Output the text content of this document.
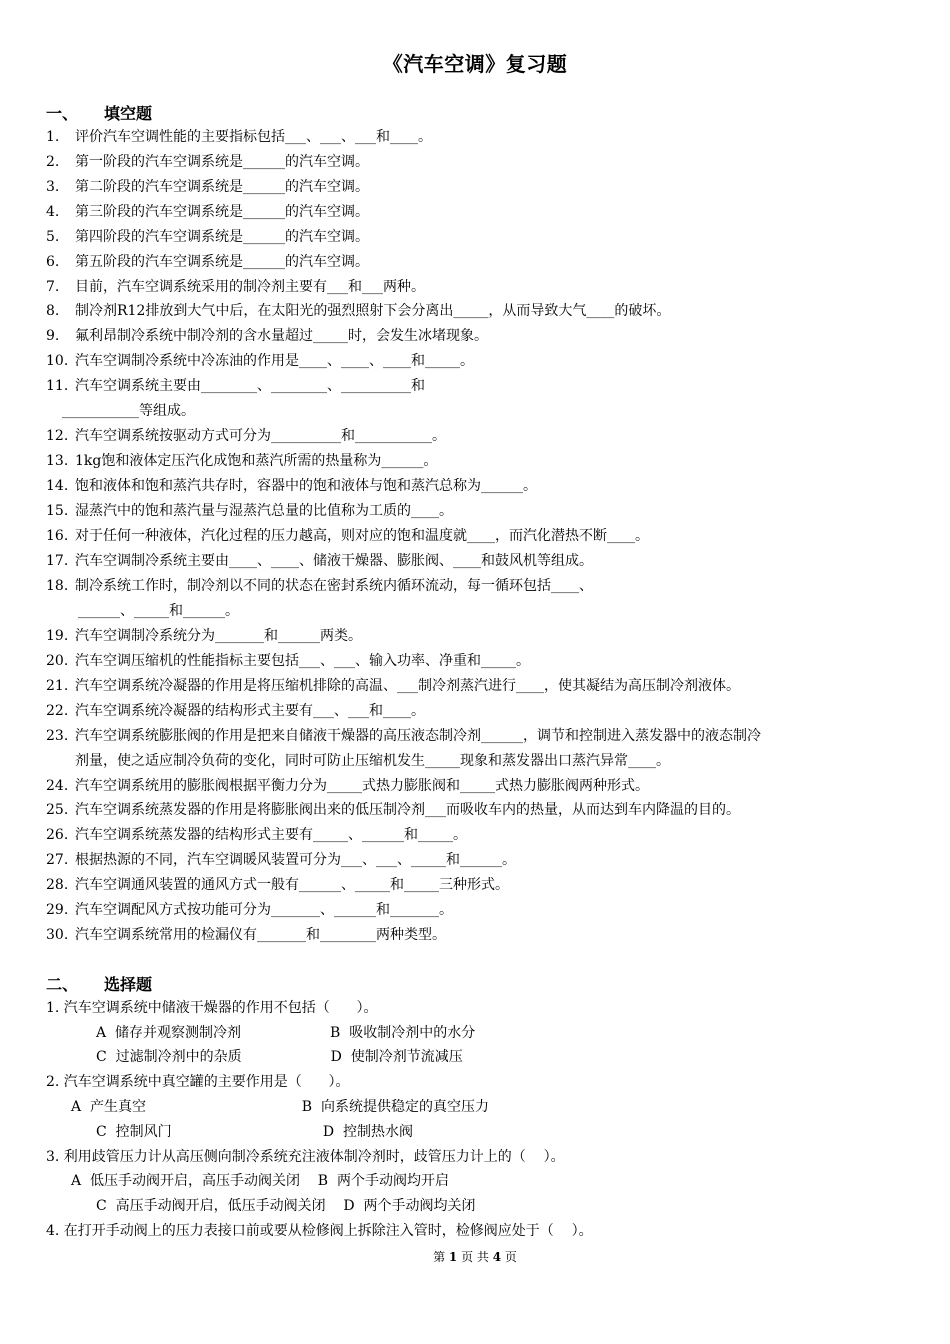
《汽车空调》复习题
一、 填空题
1. 评价汽车空调性能的主要指标包括___、___、___和____。
2. 第一阶段的汽车空调系统是______的汽车空调。
3. 第二阶段的汽车空调系统是______的汽车空调。
4. 第三阶段的汽车空调系统是______的汽车空调。
5. 第四阶段的汽车空调系统是______的汽车空调。
6. 第五阶段的汽车空调系统是______的汽车空调。
7. 目前，汽车空调系统采用的制冷剂主要有___和___两种。
8. 制冷剂R12排放到大气中后，在太阳光的强烈照射下会分离出_____，从而导致大气____的破坏。
9. 氟利昂制冷系统中制冷剂的含水量超过_____时，会发生冰堵现象。
10. 汽车空调制冷系统中冷冻油的作用是____、____、____和_____。
11. 汽车空调系统主要由________、________、__________和
___________等组成。
12. 汽车空调系统按驱动方式可分为__________和___________。
13. 1kg饱和液体定压汽化成饱和蒸汽所需的热量称为______。
14. 饱和液体和饱和蒸汽共存时，容器中的饱和液体与饱和蒸汽总称为______。
15. 湿蒸汽中的饱和蒸汽量与湿蒸汽总量的比值称为工质的____。
16. 对于任何一种液体，汽化过程的压力越高，则对应的饱和温度就____，而汽化潜热不断____。
17. 汽车空调制冷系统主要由____、____、储液干燥器、膨胀阀、____和鼓风机等组成。
18. 制冷系统工作时，制冷剂以不同的状态在密封系统内循环流动，每一循环包括____、
______、_____和______。
19. 汽车空调制冷系统分为_______和______两类。
20. 汽车空调压缩机的性能指标主要包括___、___、输入功率、净重和_____。
21. 汽车空调系统冷凝器的作用是将压缩机排除的高温、___制冷剂蒸汽进行____，使其凝结为高压制冷剂液体。
22. 汽车空调系统冷凝器的结构形式主要有___、___和____。
23. 汽车空调系统膨胀阀的作用是把来自储液干燥器的高压液态制冷剂______，调节和控制进入蒸发器中的液态制冷
剂量，使之适应制冷负荷的变化，同时可防止压缩机发生_____现象和蒸发器出口蒸汽异常____。
24. 汽车空调系统用的膨胀阀根据平衡力分为_____式热力膨胀阀和_____式热力膨胀阀两种形式。
25. 汽车空调系统蒸发器的作用是将膨胀阀出来的低压制冷剂___而吸收车内的热量，从而达到车内降温的目的。
26. 汽车空调系统蒸发器的结构形式主要有_____、______和_____。
27. 根据热源的不同，汽车空调暖风装置可分为___、___、_____和______。
28. 汽车空调通风装置的通风方式一般有______、_____和_____三种形式。
29. 汽车空调配风方式按功能可分为_______、______和_______。
30. 汽车空调系统常用的检漏仪有_______和________两种类型。
二、 选择题
1. 汽车空调系统中储液干燥器的作用不包括（      ）。
A  储存并观察测制冷剂                    B  吸收制冷剂中的水分
C  过滤制冷剂中的杂质                    D  使制冷剂节流减压
2. 汽车空调系统中真空罐的主要作用是（      ）。
A  产生真空                                   B  向系统提供稳定的真空压力
C  控制风门                                  D  控制热水阀
3. 利用歧管压力计从高压侧向制冷系统充注液体制冷剂时，歧管压力计上的（    ）。
A  低压手动阀开启，高压手动阀关闭    B  两个手动阀均开启
C  高压手动阀开启，低压手动阀关闭    D  两个手动阀均关闭
4. 在打开手动阀上的压力表接口前或要从检修阀上拆除注入管时，检修阀应处于（    ）。
第 1 页 共 4 页
